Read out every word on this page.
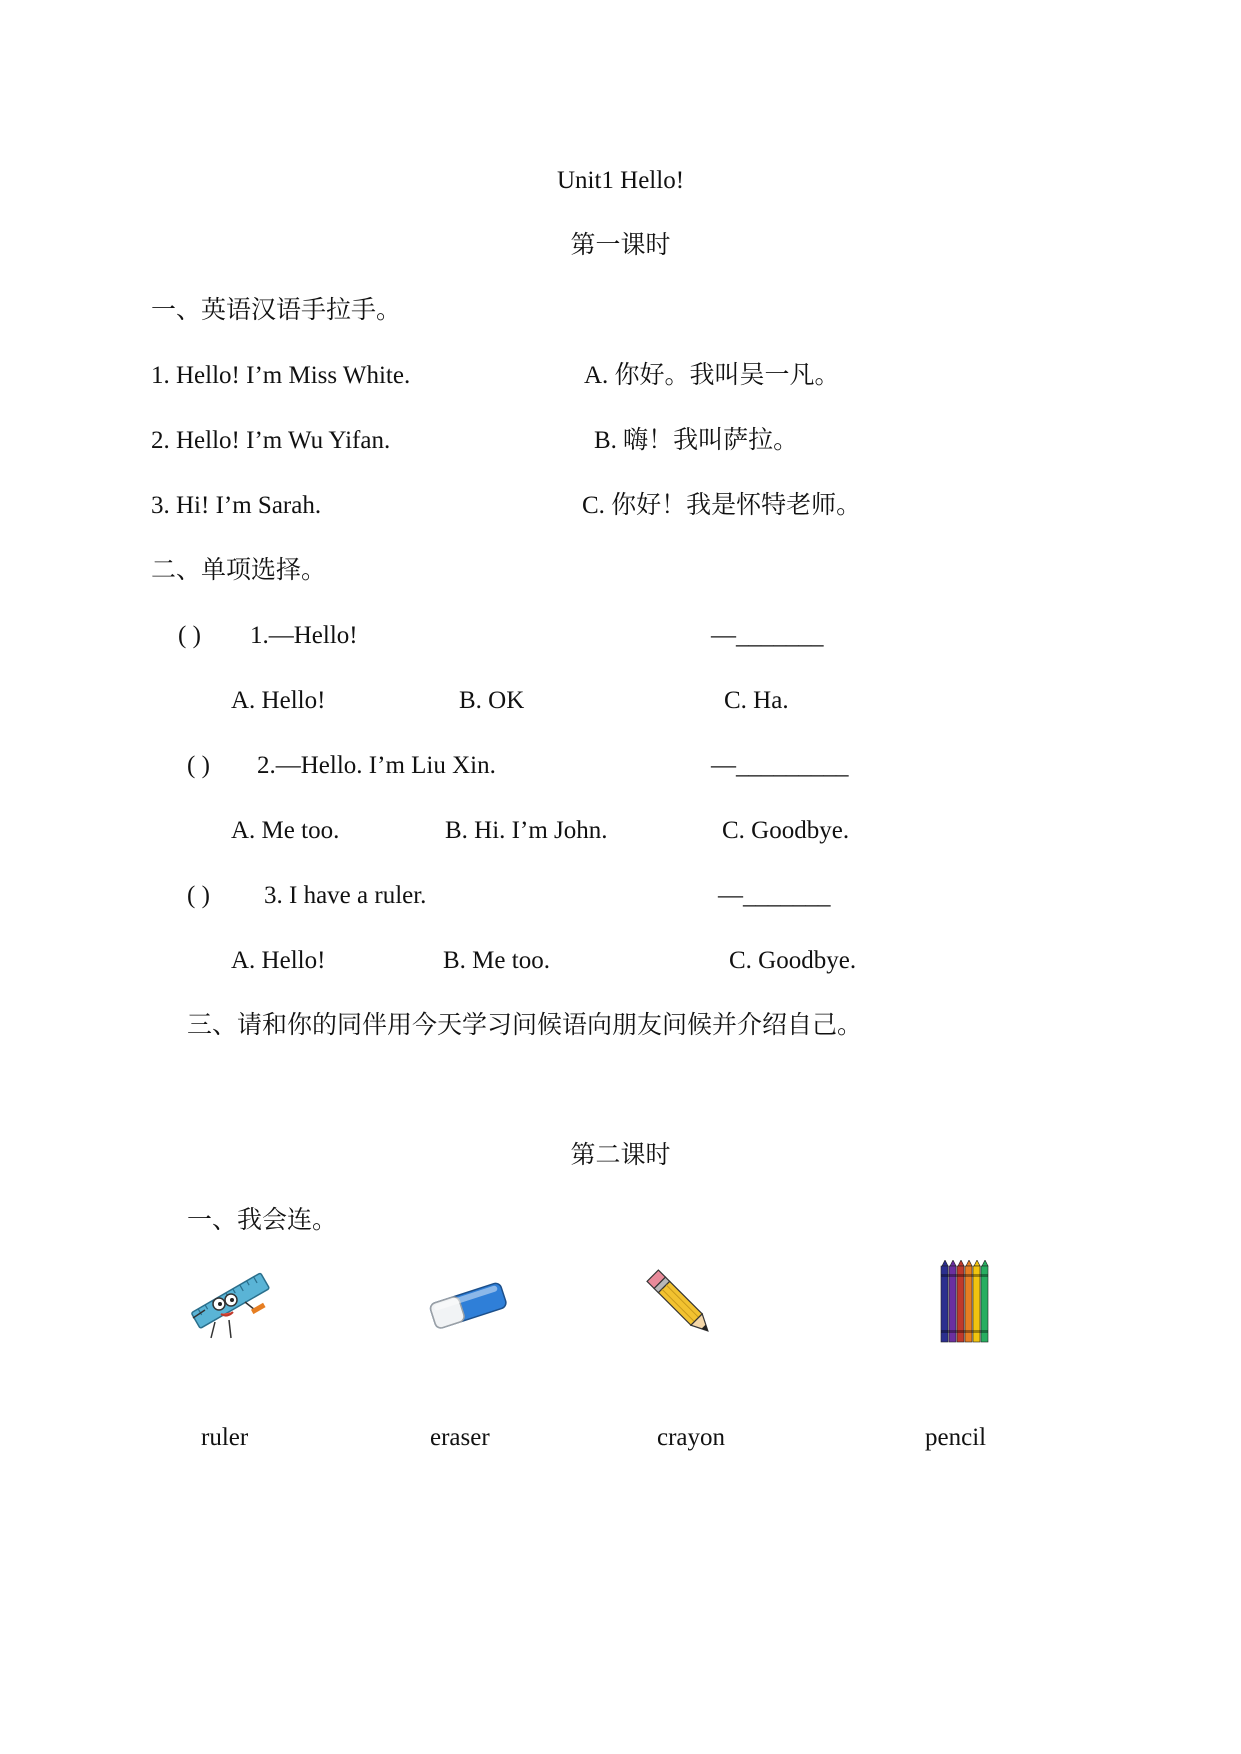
Unit1 Hello!
第一课时
一、英语汉语手拉手。
1. Hello! I’m Miss White.	A. 你好。我叫吴一凡。
2. Hello! I’m Wu Yifan.	B. 嗨！我叫萨拉。
3. Hi! I’m Sarah.	C. 你好！我是怀特老师。
二、单项选择。
( ) 1.—Hello!	—_______
A. Hello!	B. OK	C. Ha.
( ) 2.—Hello. I’m Liu Xin.	—_________
A. Me too.	B. Hi. I’m John.	C. Goodbye.
( ) 3. I have a ruler.	—_______
A. Hello!	B. Me too.	C. Goodbye.
三、请和你的同伴用今天学习问候语向朋友问候并介绍自己。
第二课时
一、我会连。
ruler	eraser	crayon	pencil
